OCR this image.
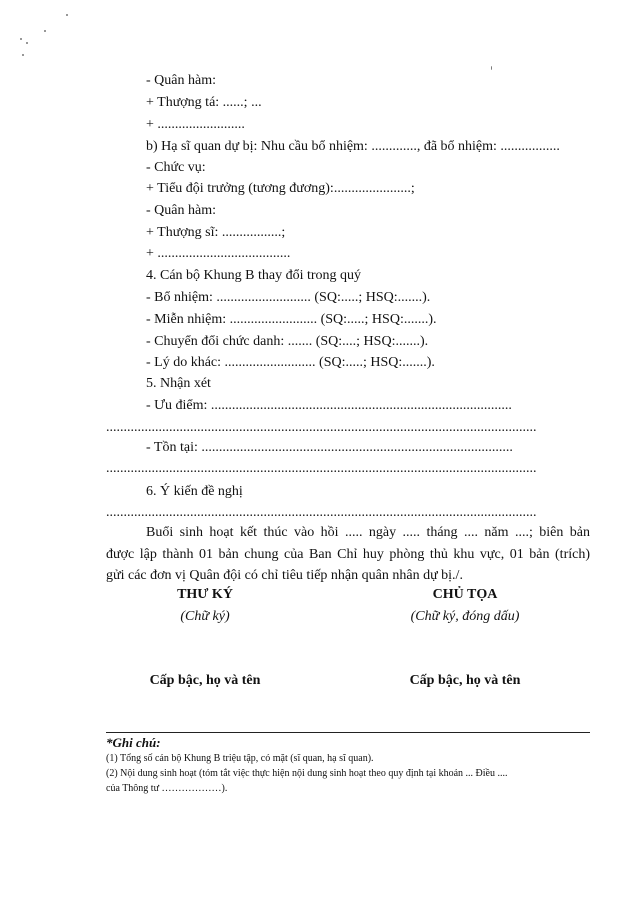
- Quân hàm:
+ Thượng tá: ......; ...
+ .........................
b) Hạ sĩ quan dự bị: Nhu cầu bổ nhiệm: ............., đã bổ nhiệm: .................
- Chức vụ:
+ Tiểu đội trưởng (tương đương):......................;
- Quân hàm:
+ Thượng sĩ: .................;
+ ......................................
4. Cán bộ Khung B thay đổi trong quý
- Bổ nhiệm: ........................... (SQ:.....; HSQ:.......).
- Miễn nhiệm: ......................... (SQ:.....; HSQ:.......).
- Chuyển đổi chức danh: ....... (SQ:....; HSQ:.......).
- Lý do khác: .......................... (SQ:.....; HSQ:.......).
5. Nhận xét
- Ưu điểm: ......................................................................................
...........................................................................................................................
- Tồn tại: .........................................................................................
...........................................................................................................................
6. Ý kiến đề nghị
...........................................................................................................................
Buổi sinh hoạt kết thúc vào hồi ..... ngày ..... tháng .... năm ....; biên bản
được lập thành 01 bản chung của Ban Chỉ huy phòng thủ khu vực, 01 bản (trích)
gửi các đơn vị Quân đội có chỉ tiêu tiếp nhận quân nhân dự bị./.
THƯ KÝ
(Chữ ký)
Cấp bậc, họ và tên
CHỦ TỌA
(Chữ ký, đóng dấu)
Cấp bậc, họ và tên
*Ghi chú:
(1) Tổng số cán bộ Khung B triệu tập, có mặt (sĩ quan, hạ sĩ quan).
(2) Nội dung sinh hoạt (tóm tắt việc thực hiện nội dung sinh hoạt theo quy định tại khoản ... Điều ....
của Thông tư ………………).
